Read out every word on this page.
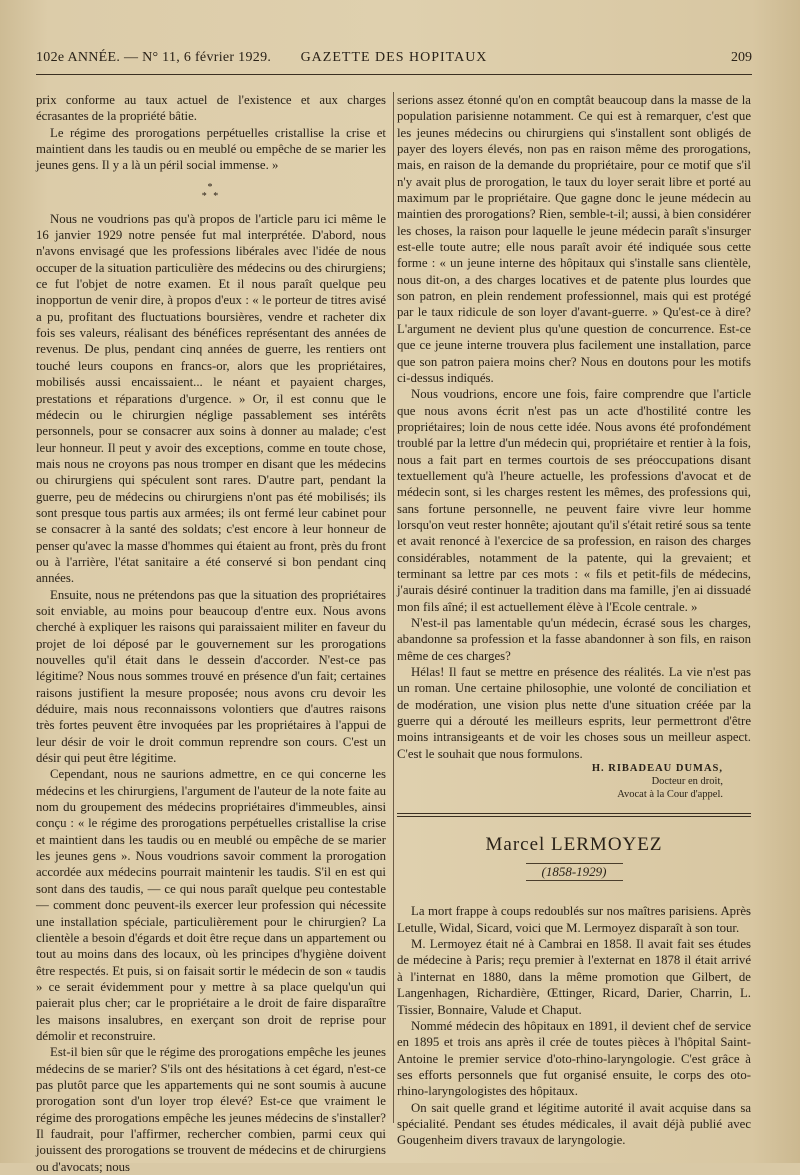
102e ANNÉE. — N° 11, 6 février 1929.	GAZETTE DES HOPITAUX	209

prix conforme au taux actuel de l'existence et aux charges écrasantes de la propriété bâtie.

Le régime des prorogations perpétuelles cristallise la crise et maintient dans les taudis ou en meublé ou empêche de se marier les jeunes gens. Il y a là un péril social immense. »

*
* *

Nous ne voudrions pas qu'à propos de l'article paru ici même le 16 janvier 1929 notre pensée fut mal interprétée. D'abord, nous n'avons envisagé que les professions libérales avec l'idée de nous occuper de la situation particulière des médecins ou des chirurgiens; ce fut l'objet de notre examen. Et il nous paraît quelque peu inopportun de venir dire, à propos d'eux : « le porteur de titres avisé a pu, profitant des fluctuations boursières, vendre et racheter dix fois ses valeurs, réalisant des bénéfices représentant des années de revenus. De plus, pendant cinq années de guerre, les rentiers ont touché leurs coupons en francs-or, alors que les propriétaires, mobilisés aussi encaissaient... le néant et payaient charges, prestations et réparations d'urgence. » Or, il est connu que le médecin ou le chirurgien néglige passablement ses intérêts personnels, pour se consacrer aux soins à donner au malade; c'est leur honneur. Il peut y avoir des exceptions, comme en toute chose, mais nous ne croyons pas nous tromper en disant que les médecins ou chirurgiens qui spéculent sont rares. D'autre part, pendant la guerre, peu de médecins ou chirurgiens n'ont pas été mobilisés; ils sont presque tous partis aux armées; ils ont fermé leur cabinet pour se consacrer à la santé des soldats; c'est encore à leur honneur de penser qu'avec la masse d'hommes qui étaient au front, près du front ou à l'arrière, l'état sanitaire a été conservé si bon pendant cinq années.

Ensuite, nous ne prétendons pas que la situation des propriétaires soit enviable, au moins pour beaucoup d'entre eux. Nous avons cherché à expliquer les raisons qui paraissaient militer en faveur du projet de loi déposé par le gouvernement sur les prorogations nouvelles qu'il était dans le dessein d'accorder. N'est-ce pas légitime? Nous nous sommes trouvé en présence d'un fait; certaines raisons justifient la mesure proposée; nous avons cru devoir les déduire, mais nous reconnaissons volontiers que d'autres raisons très fortes peuvent être invoquées par les propriétaires à l'appui de leur désir de voir le droit commun reprendre son cours. C'est un désir qui peut être légitime.

Cependant, nous ne saurions admettre, en ce qui concerne les médecins et les chirurgiens, l'argument de l'auteur de la note faite au nom du groupement des médecins propriétaires d'immeubles, ainsi conçu : « le régime des prorogations perpétuelles cristallise la crise et maintient dans les taudis ou en meublé ou empêche de se marier les jeunes gens ». Nous voudrions savoir comment la prorogation accordée aux médecins pourrait maintenir les taudis. S'il en est qui sont dans des taudis, — ce qui nous paraît quelque peu contestable — comment donc peuvent-ils exercer leur profession qui nécessite une installation spéciale, particulièrement pour le chirurgien? La clientèle a besoin d'égards et doit être reçue dans un appartement ou tout au moins dans des locaux, où les principes d'hygiène doivent être respectés. Et puis, si on faisait sortir le médecin de son « taudis » ce serait évidemment pour y mettre à sa place quelqu'un qui paierait plus cher; car le propriétaire a le droit de faire disparaître les maisons insalubres, en exerçant son droit de reprise pour démolir et reconstruire.

Est-il bien sûr que le régime des prorogations empêche les jeunes médecins de se marier? S'ils ont des hésitations à cet égard, n'est-ce pas plutôt parce que les appartements qui ne sont soumis à aucune prorogation sont d'un loyer trop élevé? Est-ce que vraiment le régime des prorogations empêche les jeunes médecins de s'installer? Il faudrait, pour l'affirmer, rechercher combien, parmi ceux qui jouissent des prorogations se trouvent de médecins et de chirurgiens ou d'avocats; nous

serions assez étonné qu'on en comptât beaucoup dans la masse de la population parisienne notamment. Ce qui est à remarquer, c'est que les jeunes médecins ou chirurgiens qui s'installent sont obligés de payer des loyers élevés, non pas en raison même des prorogations, mais, en raison de la demande du propriétaire, pour ce motif que s'il n'y avait plus de prorogation, le taux du loyer serait libre et porté au maximum par le propriétaire. Que gagne donc le jeune médecin au maintien des prorogations? Rien, semble-t-il; aussi, à bien considérer les choses, la raison pour laquelle le jeune médecin paraît s'insurger est-elle toute autre; elle nous paraît avoir été indiquée sous cette forme : « un jeune interne des hôpitaux qui s'installe sans clientèle, nous dit-on, a des charges locatives et de patente plus lourdes que son patron, en plein rendement professionnel, mais qui est protégé par le taux ridicule de son loyer d'avant-guerre. » Qu'est-ce à dire? L'argument ne devient plus qu'une question de concurrence. Est-ce que ce jeune interne trouvera plus facilement une installation, parce que son patron paiera moins cher? Nous en doutons pour les motifs ci-dessus indiqués.

Nous voudrions, encore une fois, faire comprendre que l'article que nous avons écrit n'est pas un acte d'hostilité contre les propriétaires; loin de nous cette idée. Nous avons été profondément troublé par la lettre d'un médecin qui, propriétaire et rentier à la fois, nous a fait part en termes courtois de ses préoccupations disant textuellement qu'à l'heure actuelle, les professions d'avocat et de médecin sont, si les charges restent les mêmes, des professions qui, sans fortune personnelle, ne peuvent faire vivre leur homme lorsqu'on veut rester honnête; ajoutant qu'il s'était retiré sous sa tente et avait renoncé à l'exercice de sa profession, en raison des charges considérables, notamment de la patente, qui la grevaient; et terminant sa lettre par ces mots : « fils et petit-fils de médecins, j'aurais désiré continuer la tradition dans ma famille, j'en ai dissuadé mon fils aîné; il est actuellement élève à l'Ecole centrale. »

N'est-il pas lamentable qu'un médecin, écrasé sous les charges, abandonne sa profession et la fasse abandonner à son fils, en raison même de ces charges?

Hélas! Il faut se mettre en présence des réalités. La vie n'est pas un roman. Une certaine philosophie, une volonté de conciliation et de modération, une vision plus nette d'une situation créée par la guerre qui a dérouté les meilleurs esprits, leur permettront d'être moins intransigeants et de voir les choses sous un meilleur aspect. C'est le souhait que nous formulons.

H. RIBADEAU DUMAS,
Docteur en droit,
Avocat à la Cour d'appel.
Marcel LERMOYEZ
(1858-1929)

La mort frappe à coups redoublés sur nos maîtres parisiens. Après Letulle, Widal, Sicard, voici que M. Lermoyez disparaît à son tour.

M. Lermoyez était né à Cambrai en 1858. Il avait fait ses études de médecine à Paris; reçu premier à l'externat en 1878 il était arrivé à l'internat en 1880, dans la même promotion que Gilbert, de Langenhagen, Richardière, Œttinger, Ricard, Darier, Charrin, L. Tissier, Bonnaire, Valude et Chaput.

Nommé médecin des hôpitaux en 1891, il devient chef de service en 1895 et trois ans après il crée de toutes pièces à l'hôpital Saint-Antoine le premier service d'oto-rhino-laryngologie. C'est grâce à ses efforts personnels que fut organisé ensuite, le corps des oto-rhino-laryngologistes des hôpitaux.

On sait quelle grand et légitime autorité il avait acquise dans sa spécialité. Pendant ses études médicales, il avait déjà publié avec Gougenheim divers travaux de laryngologie.
